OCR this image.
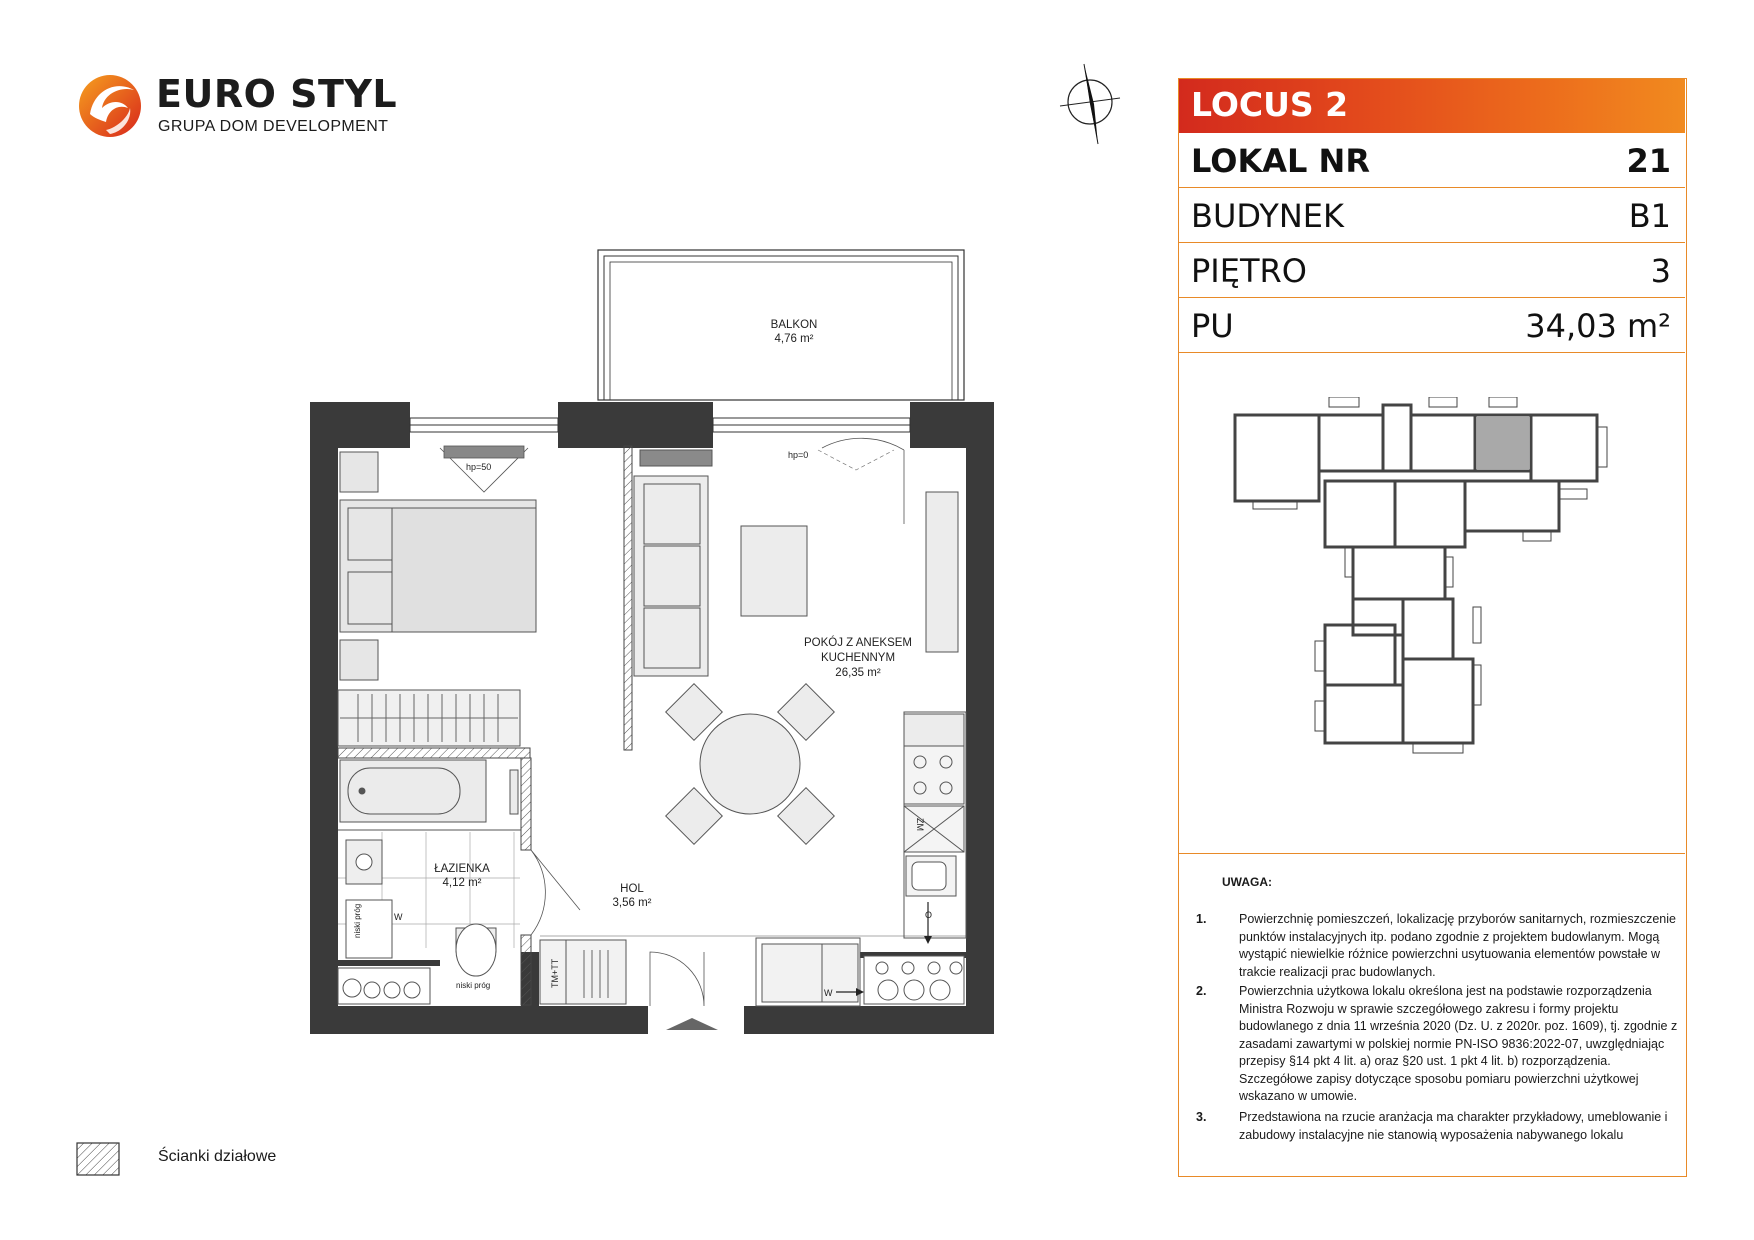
EURO STYL
GRUPA DOM DEVELOPMENT
hp=50
hp=0
BALKON
4,76 m²
POKÓJ Z ANEKSEM
KUCHENNYM
26,35 m²
ŁAZIENKA
4,12 m²	HOL
3,56 m²
ZM
TM+TT
niski próg
niski próg
W
W
O
LOCUS 2
LOKAL NR	21
BUDYNEK	B1
PIĘTRO	3
PU	34,03 m²
UWAGA:
1.	Powierzchnię pomieszczeń, lokalizację przyborów sanitarnych, rozmieszczenie punktów instalacyjnych itp. podano zgodnie z projektem budowlanym. Mogą wystąpić niewielkie różnice powierzchni usytuowania elementów powstałe w trakcie realizacji prac budowlanych.
2.	Powierzchnia użytkowa lokalu określona jest na podstawie rozporządzenia Ministra Rozwoju w sprawie szczegółowego zakresu i formy projektu budowlanego z dnia 11 września 2020 (Dz. U. z 2020r. poz. 1609), tj. zgodnie z zasadami zawartymi w polskiej normie PN-ISO 9836:2022-07, uwzględniając przepisy §14 pkt 4 lit. a) oraz §20 ust. 1 pkt 4 lit. b) rozporządzenia. Szczegółowe zapisy dotyczące sposobu pomiaru powierzchni użytkowej wskazano w umowie.
3.	Przedstawiona na rzucie aranżacja ma charakter przykładowy, umeblowanie i zabudowy instalacyjne nie stanowią wyposażenia nabywanego lokalu
Ścianki działowe
